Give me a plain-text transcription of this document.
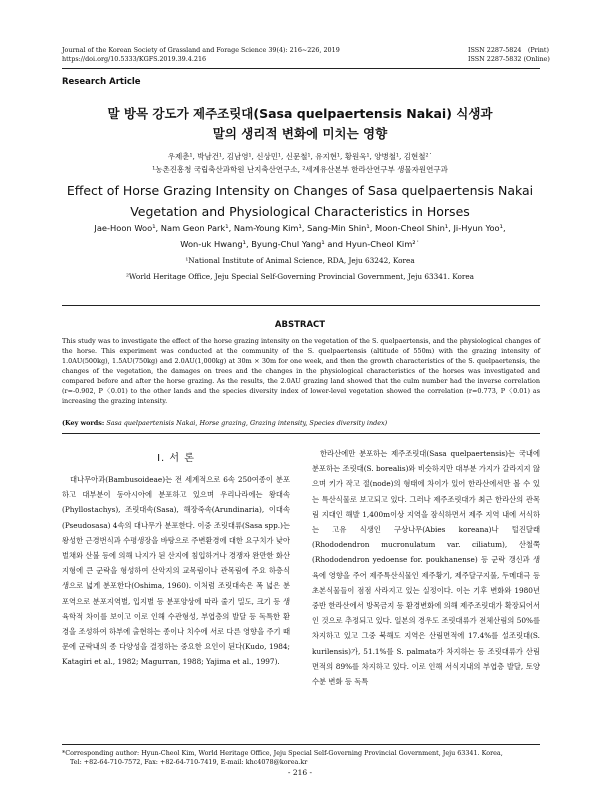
Journal of the Korean Society of Grassland and Forage Science 39(4): 216~226, 2019
https://doi.org/10.5333/KGFS.2019.39.4.216
ISSN 2287-5824　(Print)
ISSN 2287-5832 (Online)
Research Article
말 방목 강도가 제주조릿대(Sasa quelpaertensis Nakai) 식생과
말의 생리적 변화에 미치는 영향
우제춘¹, 박남건¹, 김남영¹, 신상민¹, 신문철¹, 유지현¹, 황원욱¹, 양병철¹, 김현철²˙
¹농촌진흥청 국립축산과학원 난지축산연구소, ²세계유산본부 한라산연구부 생물자원연구과
Effect of Horse Grazing Intensity on Changes of Sasa quelpaertensis Nakai
Vegetation and Physiological Characteristics in Horses
Jae-Hoon Woo¹, Nam Geon Park¹, Nam-Young Kim¹, Sang-Min Shin¹, Moon-Cheol Shin¹, Ji-Hyun Yoo¹,
Won-uk Hwang¹, Byung-Chul Yang¹ and Hyun-Cheol Kim²˙
¹National Institute of Animal Science, RDA, Jeju 63242, Korea
²World Heritage Office, Jeju Special Self-Governing Provincial Government, Jeju 63341. Korea
ABSTRACT
This study was to investigate the effect of the horse grazing intensity on the vegetation of the S. quelpaertensis, and the physiological changes of the horse. This experiment was conducted at the community of the S. quelpaertensis (altitude of 550m) with the grazing intensity of 1.0AU(500kg), 1.5AU(750kg) and 2.0AU(1,000kg) at 30m × 30m for one week, and then the growth characteristics of the S. quelpaertensis, the changes of the vegetation, the damages on trees and the changes in the physiological characteristics of the horses was investigated and compared before and after the horse grazing. As the results, the 2.0AU grazing land showed that the culm number had the inverse correlation (r=-0.902, P〈0.01) to the other lands and the species diversity index of lower-level vegetation showed the correlation (r=0.773, P〈0.01) as increasing the grazing intensity.
(Key words: Sasa quelpaertenisis Nakai, Horse grazing, Grazing intensity, Species diversity index)
Ⅰ. 서 론
대나무아과(Bambusoideae)는 전 세계적으로 6속 250여종이 분포하고 대부분이 동아시아에 분포하고 있으며 우리나라에는 왕대속(Phyllostachys), 조릿대속(Sasa), 해장죽속(Arundinaria), 이대속(Pseudosasa) 4속의 대나무가 분포한다. 이중 조릿대류(Sasa spp.)는 왕성한 근경번식과 수평생장을 바탕으로 주변환경에 대한 요구치가 낮아 벌채와 산불 등에 의해 나지가 된 산지에 침입하거나 경쟁자 완만한 화산지형에 큰 군락을 형성하여 산악지의 교목림이나 관목림에 주요 하층식생으로 넓게 분포한다(Oshima, 1960). 이처럼 조릿대속은 폭 넓은 분포역으로 분포지역별, 입지별 등 분포양상에 따라 줄기 밀도, 크기 등 생육학적 차이를 보이고 이로 인해 수관형성, 부엽층의 발달 등 독특한 환경을 조성하여 하부에 출현하는 종이나 치수에 서로 다른 영향을 주기 때문에 군락내의 종 다양성을 결정하는 중요한 요인이 된다(Kudo, 1984; Katagiri et al., 1982; Magurran, 1988; Yajima et al., 1997).
한라산에만 분포하는 제주조릿대(Sasa quelpaertensis)는 국내에 분포하는 조릿대(S. borealis)와 비슷하지만 대부분 가지가 갈라지지 않으며 키가 작고 절(node)의 형태에 차이가 있어 한라산에서만 볼 수 있는 특산식물로 보고되고 있다. 그러나 제주조릿대가 최근 한라산의 관목림 지대인 해발 1,400m이상 지역을 잠식하면서 제주 지역 내에 서식하는 고유 식생인 구상나무(Abies koreana)나 털진달래(Rhododendron mucronulatum var. ciliatum), 산철쭉(Rhododendron yedoense for. poukhanense) 등 군락 갱신과 생육에 영향을 주어 제주특산식물인 제주황기, 제주달구지풀, 두메대극 등 초본식물들이 점점 사라지고 있는 실정이다. 이는 기후 변화와 1980년 중반 한라산에서 방목금지 등 환경변화에 의해 제주조릿대가 확장되어서인 것으로 추정되고 있다. 일본의 경우도 조릿대류가 전체산림의 50%를 차지하고 있고 그중 북해도 지역은 산림면적에 17.4%를 설조릿대(S. kurilensis)가, 51.1%를 S. palmata가 차지하는 등 조릿대류가 산림면적의 89%를 차지하고 있다. 이로 인해 서식지내의 부엽층 발달, 토양수분 변화 등 독특
*Corresponding author: Hyun-Cheol Kim, World Heritage Office, Jeju Special Self-Governing Provincial Government, Jeju 63341. Korea,
Tel: +82-64-710-7572, Fax: +82-64-710-7419, E-mail: khc4078@korea.kr
- 216 -
